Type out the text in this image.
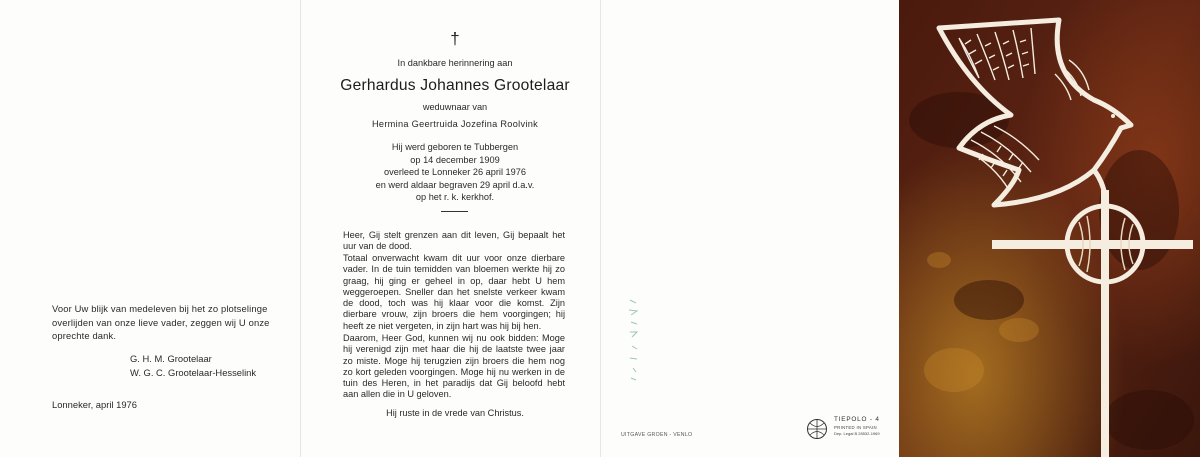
Voor Uw blijk van medeleven bij het zo plotselinge overlijden van onze lieve vader, zeggen wij U onze oprechte dank.
G. H. M. Grootelaar
W. G. C. Grootelaar-Hesselink
Lonneker, april 1976
†
In dankbare herinnering aan
Gerhardus Johannes Grootelaar
weduwnaar van
Hermina Geertruida Jozefina Roolvink
Hij werd geboren te Tubbergen
op 14 december 1909
overleed te Lonneker 26 april 1976
en werd aldaar begraven 29 april d.a.v.
op het r. k. kerkhof.
Heer, Gij stelt grenzen aan dit leven, Gij bepaalt het uur van de dood.
Totaal onverwacht kwam dit uur voor onze dierbare vader. In de tuin temidden van bloemen werkte hij zo graag, hij ging er geheel in op, daar hebt U hem weggeroepen. Sneller dan het snelste verkeer kwam de dood, toch was hij klaar voor die komst. Zijn dierbare vrouw, zijn broers die hem voorgingen; hij heeft ze niet vergeten, in zijn hart was hij bij hen.
Daarom, Heer God, kunnen wij nu ook bidden: Moge hij verenigd zijn met haar die hij de laatste twee jaar zo miste. Moge hij terugzien zijn broers die hem nog zo kort geleden voorgingen. Moge hij nu werken in de tuin des Heren, in het paradijs dat Gij beloofd hebt aan allen die in U geloven.
Hij ruste in de vrede van Christus.
UITGAVE GROEN - VENLO
TIEPOLO - 4
PRINTED IN SPAIN
Dep. Legal B 28532-1969
